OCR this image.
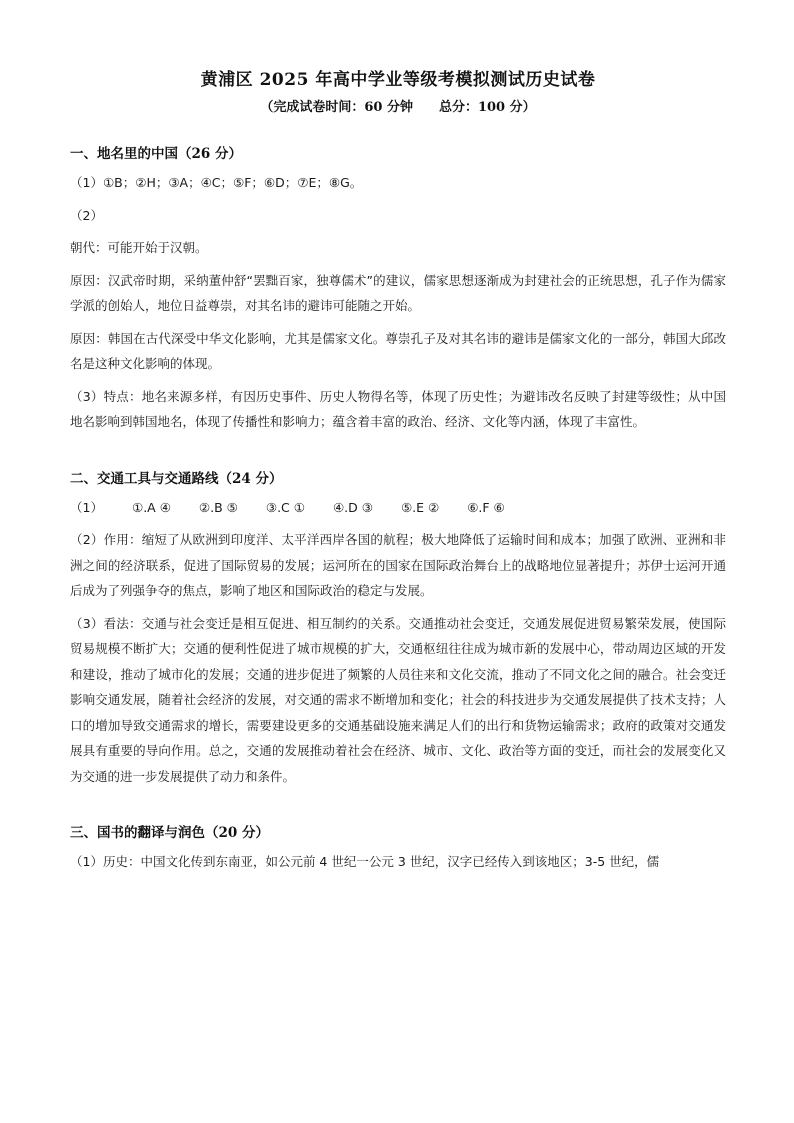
黄浦区 2025 年高中学业等级考模拟测试历史试卷
（完成试卷时间：60 分钟 总分：100 分）
一、地名里的中国（26 分）

（1）①B；②H；③A；④C；⑤F；⑥D；⑦E；⑧G。

（2）

朝代：可能开始于汉朝。

原因：汉武帝时期，采纳董仲舒“罢黜百家，独尊儒术”的建议，儒家思想逐渐成为封建社会的正统思想，孔子作为儒家学派的创始人，地位日益尊崇，对其名讳的避讳可能随之开始。

原因：韩国在古代深受中华文化影响，尤其是儒家文化。尊崇孔子及对其名讳的避讳是儒家文化的一部分，韩国大邱改名是这种文化影响的体现。

（3）特点：地名来源多样，有因历史事件、历史人物得名等，体现了历史性；为避讳改名反映了封建等级性；从中国地名影响到韩国地名，体现了传播性和影响力；蕴含着丰富的政治、经济、文化等内涵，体现了丰富性。

二、交通工具与交通路线（24 分）
（1）	①.A ④ ②.B ⑤ ③.C ① ④.D ③ ⑤.E ② ⑥.F ⑥

（2）作用：缩短了从欧洲到印度洋、太平洋西岸各国的航程；极大地降低了运输时间和成本；加强了欧洲、亚洲和非洲之间的经济联系，促进了国际贸易的发展；运河所在的国家在国际政治舞台上的战略地位显著提升；苏伊士运河开通后成为了列强争夺的焦点，影响了地区和国际政治的稳定与发展。

（3）看法：交通与社会变迁是相互促进、相互制约的关系。交通推动社会变迁，交通发展促进贸易繁荣发展，使国际贸易规模不断扩大；交通的便利性促进了城市规模的扩大，交通枢纽往往成为城市新的发展中心，带动周边区域的开发和建设，推动了城市化的发展；交通的进步促进了频繁的人员往来和文化交流，推动了不同文化之间的融合。社会变迁影响交通发展，随着社会经济的发展，对交通的需求不断增加和变化；社会的科技进步为交通发展提供了技术支持；人口的增加导致交通需求的增长，需要建设更多的交通基础设施来满足人们的出行和货物运输需求；政府的政策对交通发展具有重要的导向作用。总之，交通的发展推动着社会在经济、城市、文化、政治等方面的变迁，而社会的发展变化又为交通的进一步发展提供了动力和条件。

三、国书的翻译与润色（20 分）

（1）历史：中国文化传到东南亚，如公元前 4 世纪一公元 3 世纪，汉字已经传入到该地区；3-5 世纪，儒
